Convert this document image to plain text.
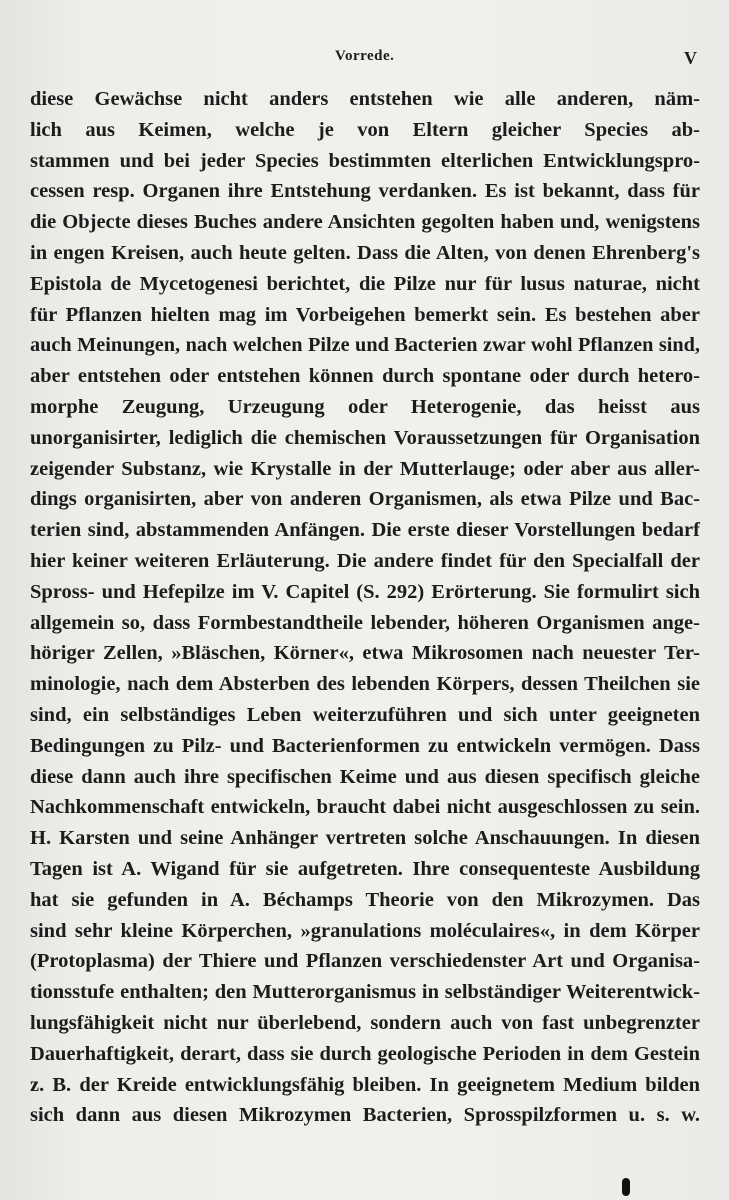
Vorrede.	V
diese Gewächse nicht anders entstehen wie alle anderen, näm-
lich aus Keimen, welche je von Eltern gleicher Species ab-
stammen und bei jeder Species bestimmten elterlichen Entwicklungspro-
cessen resp. Organen ihre Entstehung verdanken. Es ist bekannt, dass für
die Objecte dieses Buches andere Ansichten gegolten haben und, wenigstens
in engen Kreisen, auch heute gelten. Dass die Alten, von denen Ehrenberg's
Epistola de Mycetogenesi berichtet, die Pilze nur für lusus naturae, nicht
für Pflanzen hielten mag im Vorbeigehen bemerkt sein. Es bestehen aber
auch Meinungen, nach welchen Pilze und Bacterien zwar wohl Pflanzen sind,
aber entstehen oder entstehen können durch spontane oder durch hetero-
morphe Zeugung, Urzeugung oder Heterogenie, das heisst aus
unorganisirter, lediglich die chemischen Voraussetzungen für Organisation
zeigender Substanz, wie Krystalle in der Mutterlauge; oder aber aus aller-
dings organisirten, aber von anderen Organismen, als etwa Pilze und Bac-
terien sind, abstammenden Anfängen. Die erste dieser Vorstellungen bedarf
hier keiner weiteren Erläuterung. Die andere findet für den Specialfall der
Spross- und Hefepilze im V. Capitel (S. 292) Erörterung. Sie formulirt sich
allgemein so, dass Formbestandtheile lebender, höheren Organismen ange-
höriger Zellen, »Bläschen, Körner«, etwa Mikrosomen nach neuester Ter-
minologie, nach dem Absterben des lebenden Körpers, dessen Theilchen sie
sind, ein selbständiges Leben weiterzuführen und sich unter geeigneten
Bedingungen zu Pilz- und Bacterienformen zu entwickeln vermögen. Dass
diese dann auch ihre specifischen Keime und aus diesen specifisch gleiche
Nachkommenschaft entwickeln, braucht dabei nicht ausgeschlossen zu sein.
H. Karsten und seine Anhänger vertreten solche Anschauungen. In diesen
Tagen ist A. Wigand für sie aufgetreten. Ihre consequenteste Ausbildung
hat sie gefunden in A. Béchamps Theorie von den Mikrozymen. Das
sind sehr kleine Körperchen, »granulations moléculaires«, in dem Körper
(Protoplasma) der Thiere und Pflanzen verschiedenster Art und Organisa-
tionsstufe enthalten; den Mutterorganismus in selbständiger Weiterentwick-
lungsfähigkeit nicht nur überlebend, sondern auch von fast unbegrenzter
Dauerhaftigkeit, derart, dass sie durch geologische Perioden in dem Gestein
z. B. der Kreide entwicklungsfähig bleiben. In geeignetem Medium bilden
sich dann aus diesen Mikrozymen Bacterien, Sprosspilzformen u. s. w.
